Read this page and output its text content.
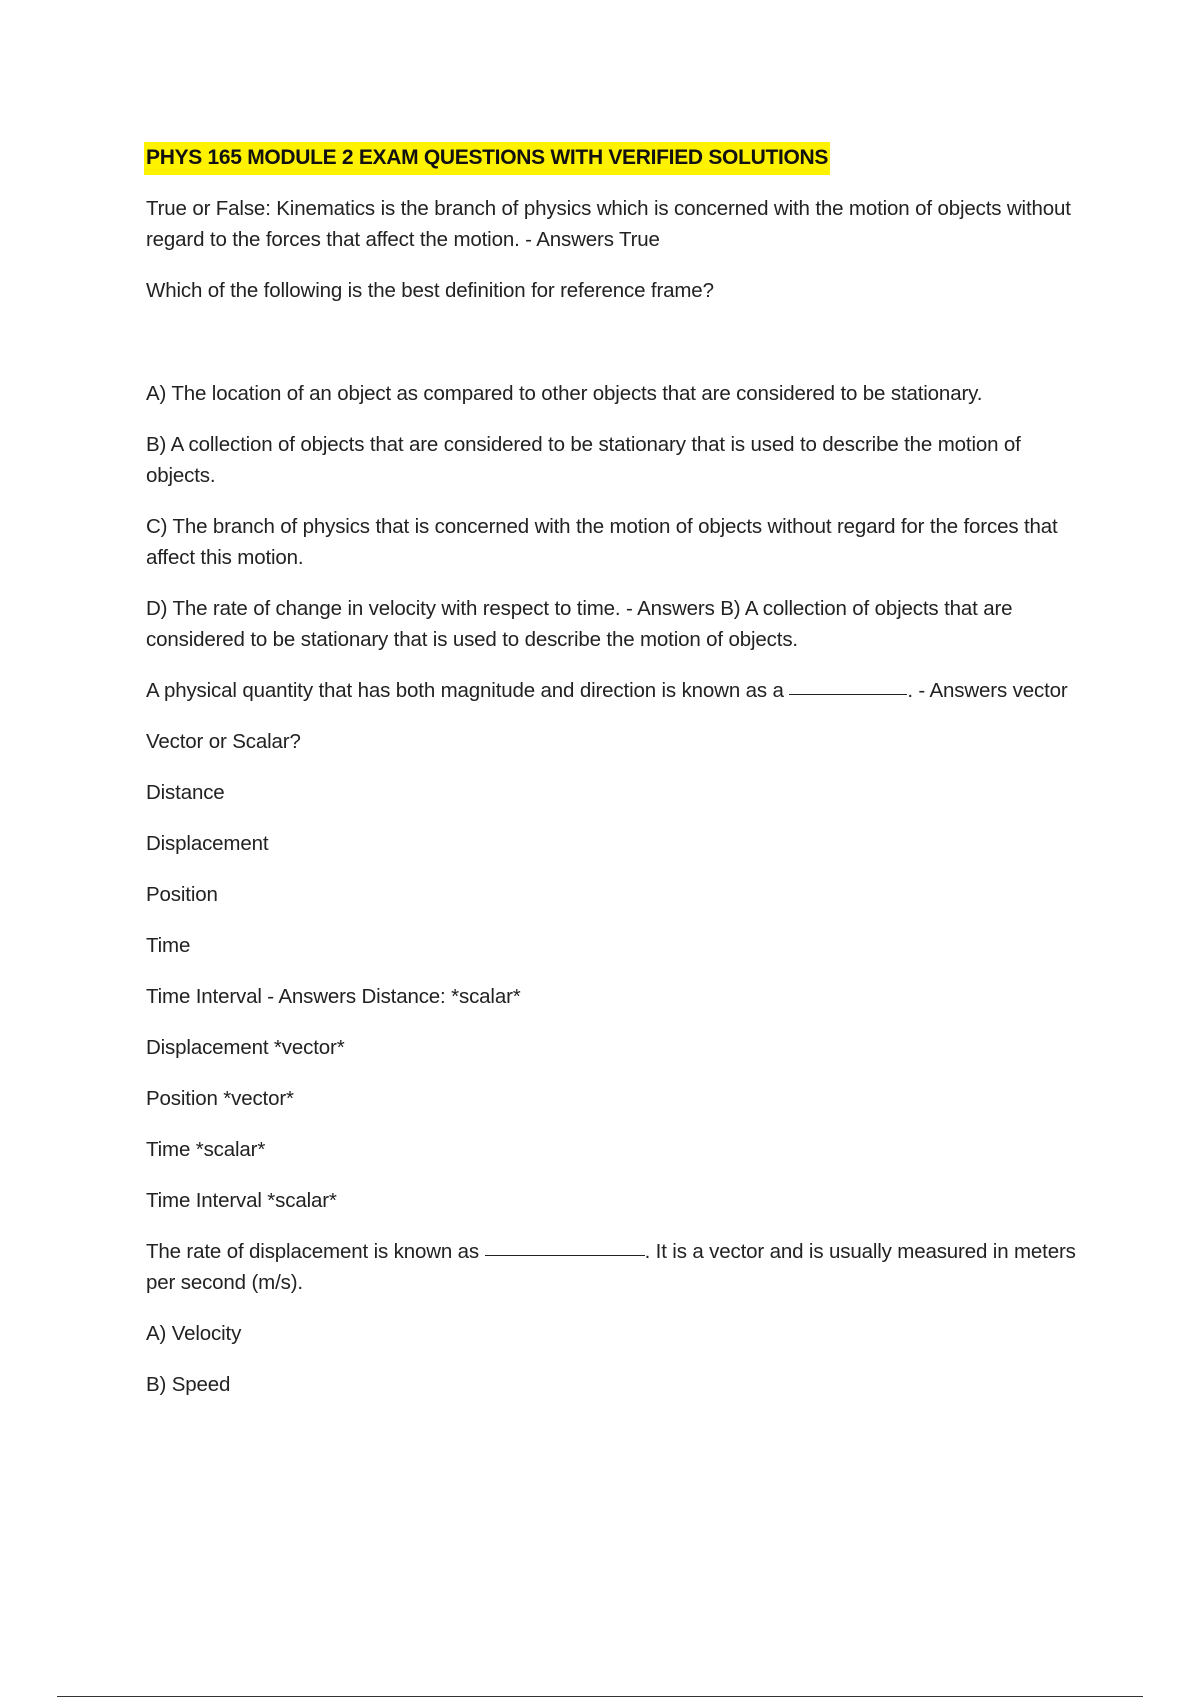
PHYS 165 MODULE 2 EXAM QUESTIONS WITH VERIFIED SOLUTIONS
True or False: Kinematics is the branch of physics which is concerned with the motion of objects without regard to the forces that affect the motion. - Answers True
Which of the following is the best definition for reference frame?
A) The location of an object as compared to other objects that are considered to be stationary.
B) A collection of objects that are considered to be stationary that is used to describe the motion of objects.
C) The branch of physics that is concerned with the motion of objects without regard for the forces that affect this motion.
D) The rate of change in velocity with respect to time. - Answers B) A collection of objects that are considered to be stationary that is used to describe the motion of objects.
A physical quantity that has both magnitude and direction is known as a	. - Answers vector
Vector or Scalar?
Distance
Displacement
Position
Time
Time Interval - Answers Distance: *scalar*
Displacement *vector*
Position *vector*
Time *scalar*
Time Interval *scalar*
The rate of displacement is known as	. It is a vector and is usually measured in meters per second (m/s).
A) Velocity
B) Speed
